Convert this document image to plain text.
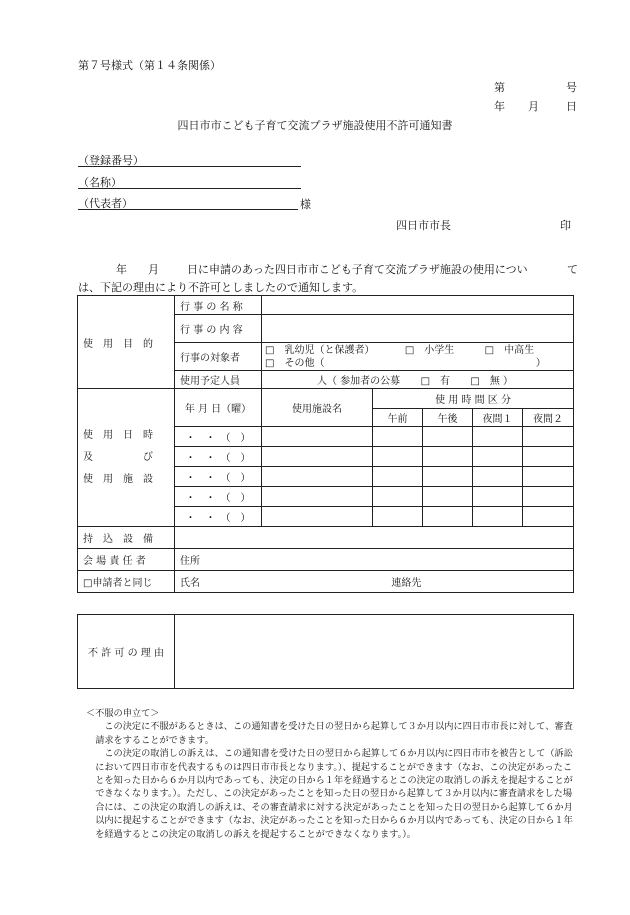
第７号様式（第１４条関係）
第	号
年 月 日
四日市市こども子育て交流プラザ施設使用不許可通知書
（登録番号）
（名称）
（代表者）	様
四日市市長	印
年 月	日に申請のあった四日市市こども子育て交流プラザ施設の使用につい	て
は、下記の理由により不許可としましたので通知します。
使　用　目　的	行 事 の 名 称					
	行 事 の 内 容					
	行事の対象者	□　乳幼児（と保護者） □　小学生 □　中高生
□　その他（ ）				

	使用予定人員	人（ 参加者の公募 □　有 □　無 ）				

使　用　日　時
及　　　　　び
使　用　施　設	年 月 日（曜）	使用施設名	使 用 時 間 区 分			
			午前	午後	夜間１	夜間２
	・　・　（　）					
	・　・　（　）					
	・　・　（　）					
	・　・　（　）					
	・　・　（　）					
持　込　設　備						
会 場 責 任 者	住所					
□申請者と同じ	氏名 連絡先					
不 許 可 の 理 由	

＜不服の申立て＞

この決定に不服があるときは、この通知書を受けた日の翌日から起算して３か月以内に四日市市長に対して、審査請求をすることができます。

この決定の取消しの訴えは、この通知書を受けた日の翌日から起算して６か月以内に四日市市を被告として（訴訟において四日市市を代表するものは四日市市長となります。）、提起することができます（なお、この決定があったことを知った日から６か月以内であっても、決定の日から１年を経過するとこの決定の取消しの訴えを提起することができなくなります。）。ただし、この決定があったことを知った日の翌日から起算して３か月以内に審査請求をした場合には、この決定の取消しの訴えは、その審査請求に対する決定があったことを知った日の翌日から起算して６か月以内に提起することができます（なお、決定があったことを知った日から６か月以内であっても、決定の日から１年を経過するとこの決定の取消しの訴えを提起することができなくなります。）。
